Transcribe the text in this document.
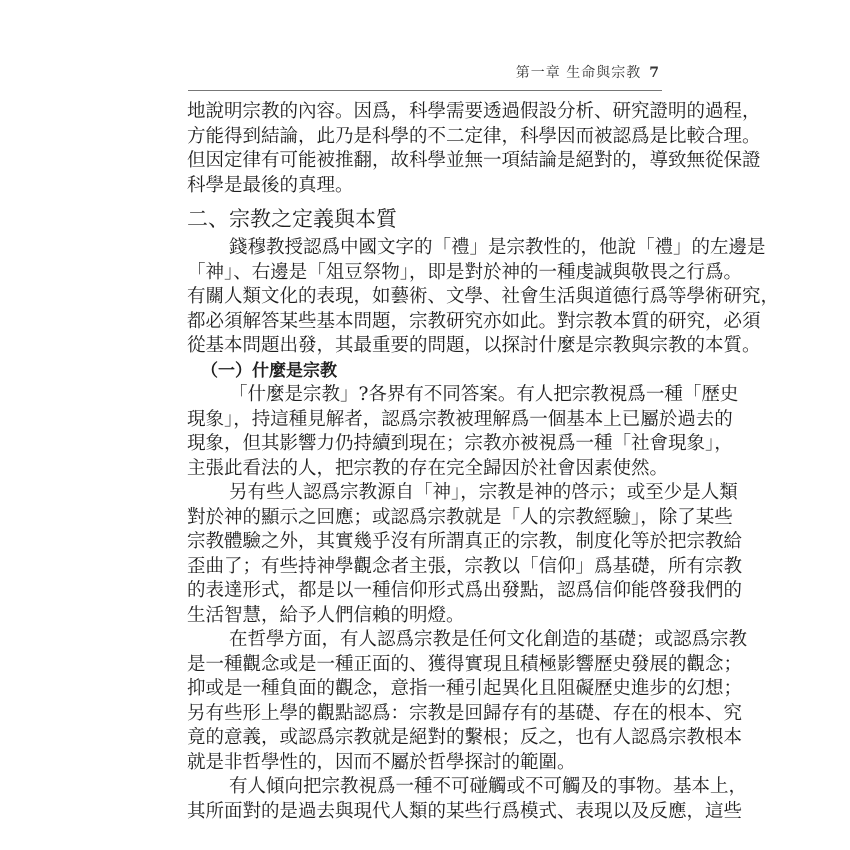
第一章 生命與宗教 7
地說明宗教的內容。因爲，科學需要透過假設分析、研究證明的過程，
方能得到結論，此乃是科學的不二定律，科學因而被認爲是比較合理。
但因定律有可能被推翻，故科學並無一項結論是絕對的，導致無從保證
科學是最後的真理。
二、宗教之定義與本質
錢穆教授認爲中國文字的「禮」是宗教性的，他說「禮」的左邊是
「神」、右邊是「俎豆祭物」，即是對於神的一種虔誠與敬畏之行爲。
有關人類文化的表現，如藝術、文學、社會生活與道德行爲等學術研究，
都必須解答某些基本問題，宗教研究亦如此。對宗教本質的研究，必須
從基本問題出發，其最重要的問題，以探討什麼是宗教與宗教的本質。
（一）什麼是宗教
「什麼是宗教」?各界有不同答案。有人把宗教視爲一種「歷史
現象」，持這種見解者，認爲宗教被理解爲一個基本上已屬於過去的
現象，但其影響力仍持續到現在；宗教亦被視爲一種「社會現象」，
主張此看法的人，把宗教的存在完全歸因於社會因素使然。
另有些人認爲宗教源自「神」，宗教是神的啓示；或至少是人類
對於神的顯示之回應；或認爲宗教就是「人的宗教經驗」，除了某些
宗教體驗之外，其實幾乎沒有所謂真正的宗教，制度化等於把宗教給
歪曲了；有些持神學觀念者主張，宗教以「信仰」爲基礎，所有宗教
的表達形式，都是以一種信仰形式爲出發點，認爲信仰能啓發我們的
生活智慧，給予人們信賴的明燈。
在哲學方面，有人認爲宗教是任何文化創造的基礎；或認爲宗教
是一種觀念或是一種正面的、獲得實現且積極影響歷史發展的觀念；
抑或是一種負面的觀念，意指一種引起異化且阻礙歷史進步的幻想；
另有些形上學的觀點認爲：宗教是回歸存有的基礎、存在的根本、究
竟的意義，或認爲宗教就是絕對的繫根；反之，也有人認爲宗教根本
就是非哲學性的，因而不屬於哲學探討的範圍。
有人傾向把宗教視爲一種不可碰觸或不可觸及的事物。基本上，
其所面對的是過去與現代人類的某些行爲模式、表現以及反應，這些
